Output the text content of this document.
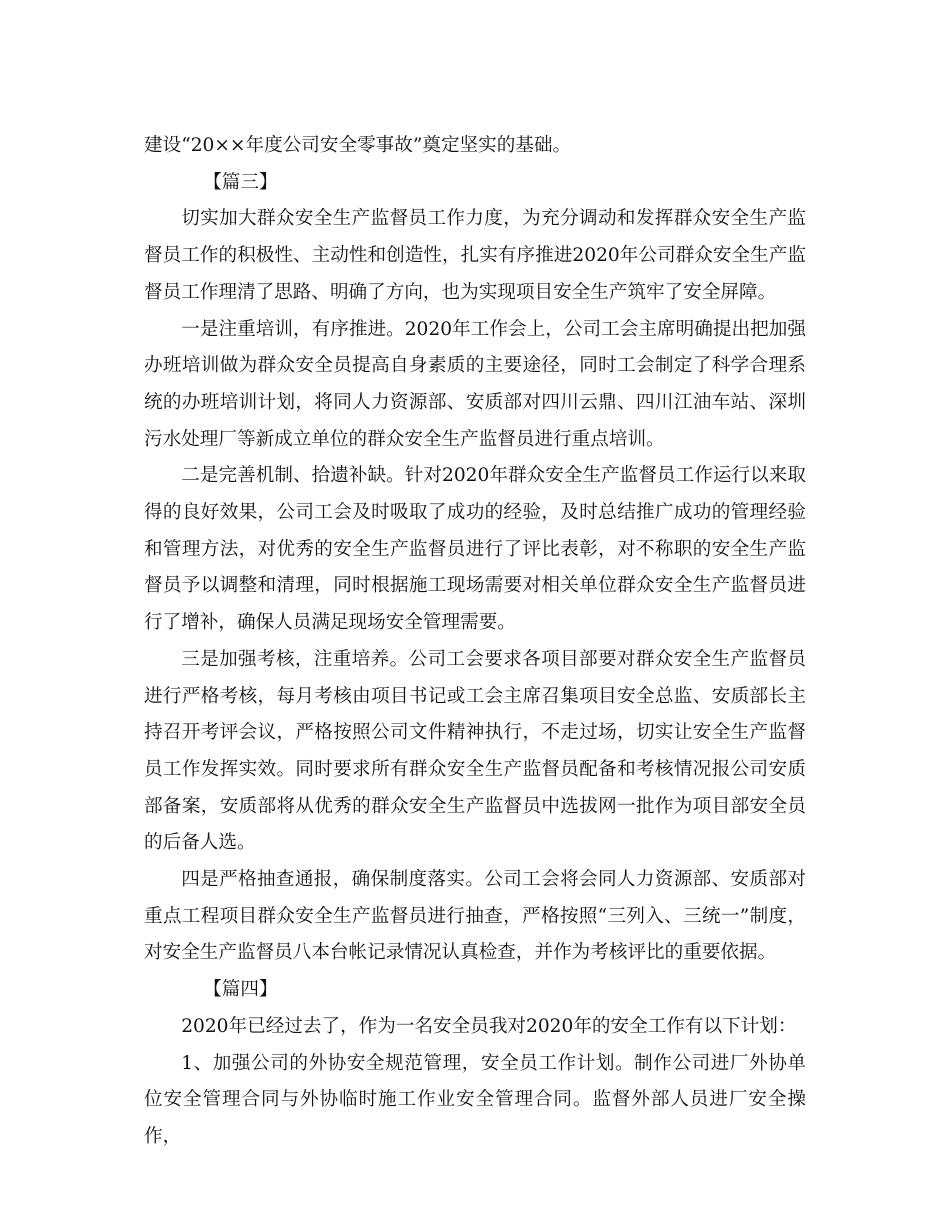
建设“20××年度公司安全零事故”奠定坚实的基础。

【篇三】

切实加大群众安全生产监督员工作力度，为充分调动和发挥群众安全生产监督员工作的积极性、主动性和创造性，扎实有序推进2020年公司群众安全生产监督员工作理清了思路、明确了方向，也为实现项目安全生产筑牢了安全屏障。

一是注重培训，有序推进。2020年工作会上，公司工会主席明确提出把加强办班培训做为群众安全员提高自身素质的主要途径，同时工会制定了科学合理系统的办班培训计划，将同人力资源部、安质部对四川云鼎、四川江油车站、深圳污水处理厂等新成立单位的群众安全生产监督员进行重点培训。

二是完善机制、拾遗补缺。针对2020年群众安全生产监督员工作运行以来取得的良好效果，公司工会及时吸取了成功的经验，及时总结推广成功的管理经验和管理方法，对优秀的安全生产监督员进行了评比表彰，对不称职的安全生产监督员予以调整和清理，同时根据施工现场需要对相关单位群众安全生产监督员进行了增补，确保人员满足现场安全管理需要。

三是加强考核，注重培养。公司工会要求各项目部要对群众安全生产监督员进行严格考核，每月考核由项目书记或工会主席召集项目安全总监、安质部长主持召开考评会议，严格按照公司文件精神执行，不走过场，切实让安全生产监督员工作发挥实效。同时要求所有群众安全生产监督员配备和考核情况报公司安质部备案，安质部将从优秀的群众安全生产监督员中选拔网一批作为项目部安全员的后备人选。

四是严格抽查通报，确保制度落实。公司工会将会同人力资源部、安质部对重点工程项目群众安全生产监督员进行抽查，严格按照“三列入、三统一”制度，对安全生产监督员八本台帐记录情况认真检查，并作为考核评比的重要依据。

【篇四】

2020年已经过去了，作为一名安全员我对2020年的安全工作有以下计划：

1、加强公司的外协安全规范管理，安全员工作计划。制作公司进厂外协单位安全管理合同与外协临时施工作业安全管理合同。监督外部人员进厂安全操作，
